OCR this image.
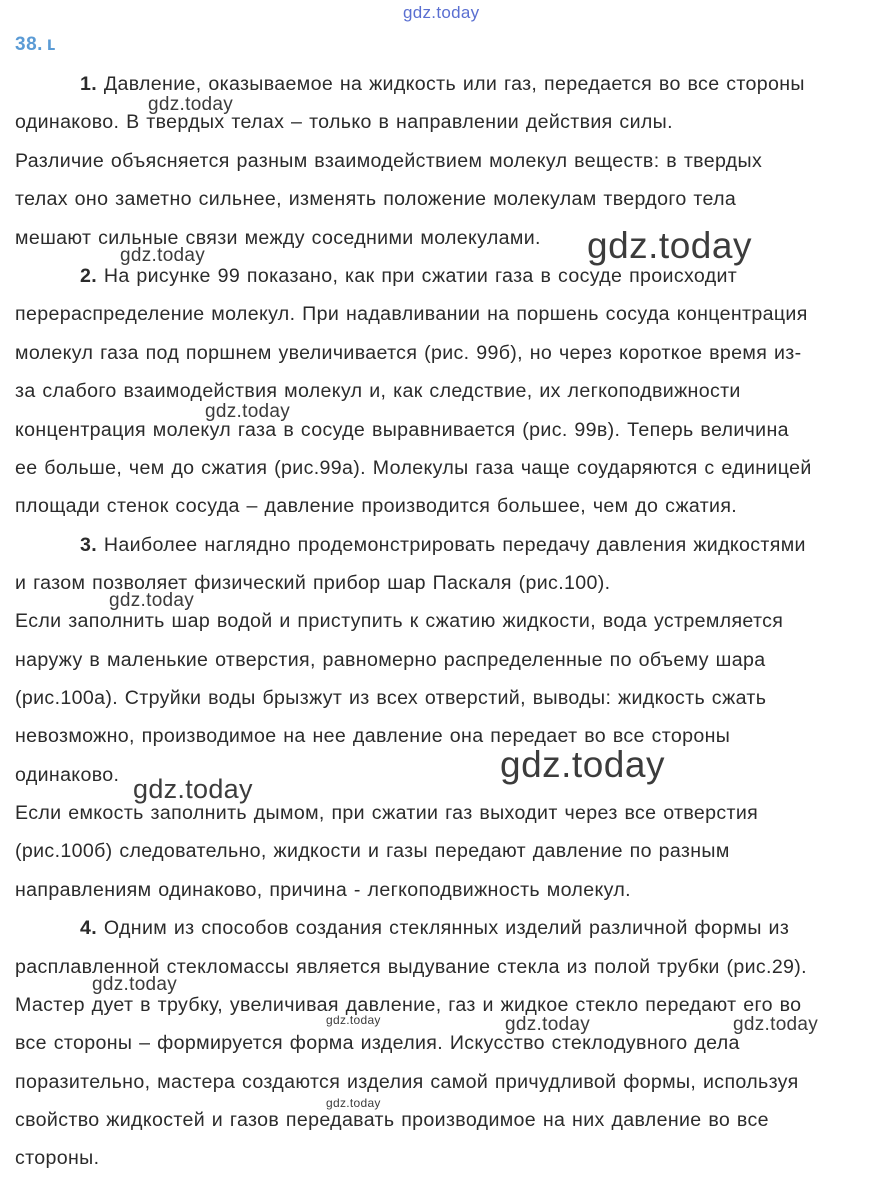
38. ʟ
1. Давление, оказываемое на жидкость или газ, передается во все стороны
одинаково. В твердых телах – только в направлении действия силы.
Различие объясняется разным взаимодействием молекул веществ: в твердых
телах оно заметно сильнее, изменять положение молекулам твердого тела
мешают сильные связи между соседними молекулами.
2. На рисунке 99 показано, как при сжатии газа в сосуде происходит
перераспределение молекул. При надавливании на поршень сосуда концентрация
молекул газа под поршнем увеличивается (рис. 99б), но через короткое время из-
за слабого взаимодействия молекул и, как следствие, их легкоподвижности
концентрация молекул газа в сосуде выравнивается (рис. 99в). Теперь величина
ее больше, чем до сжатия (рис.99а). Молекулы газа чаще соударяются с единицей
площади стенок сосуда – давление производится большее, чем до сжатия.
3. Наиболее наглядно продемонстрировать передачу давления жидкостями
и газом позволяет физический прибор шар Паскаля (рис.100).
Если заполнить шар водой и приступить к сжатию жидкости, вода устремляется
наружу в маленькие отверстия, равномерно распределенные по объему шара
(рис.100а). Струйки воды брызжут из всех отверстий, выводы: жидкость сжать
невозможно, производимое на нее давление она передает во все стороны
одинаково.
Если емкость заполнить дымом, при сжатии газ выходит через все отверстия
(рис.100б) следовательно, жидкости и газы передают давление по разным
направлениям одинаково, причина - легкоподвижность молекул.
4. Одним из способов создания стеклянных изделий различной формы из
расплавленной стекломассы является выдувание стекла из полой трубки (рис.29).
Мастер дует в трубку, увеличивая давление, газ и жидкое стекло передают его во
все стороны – формируется форма изделия. Искусство стеклодувного дела
поразительно, мастера создаются изделия самой причудливой формы, используя
свойство жидкостей и газов передавать производимое на них давление во все
стороны.
gdz.today
gdz.today
gdz.today
gdz.today
gdz.today
gdz.today
gdz.today
gdz.today
gdz.today
gdz.today	gdz.today	gdz.today
gdz.today
